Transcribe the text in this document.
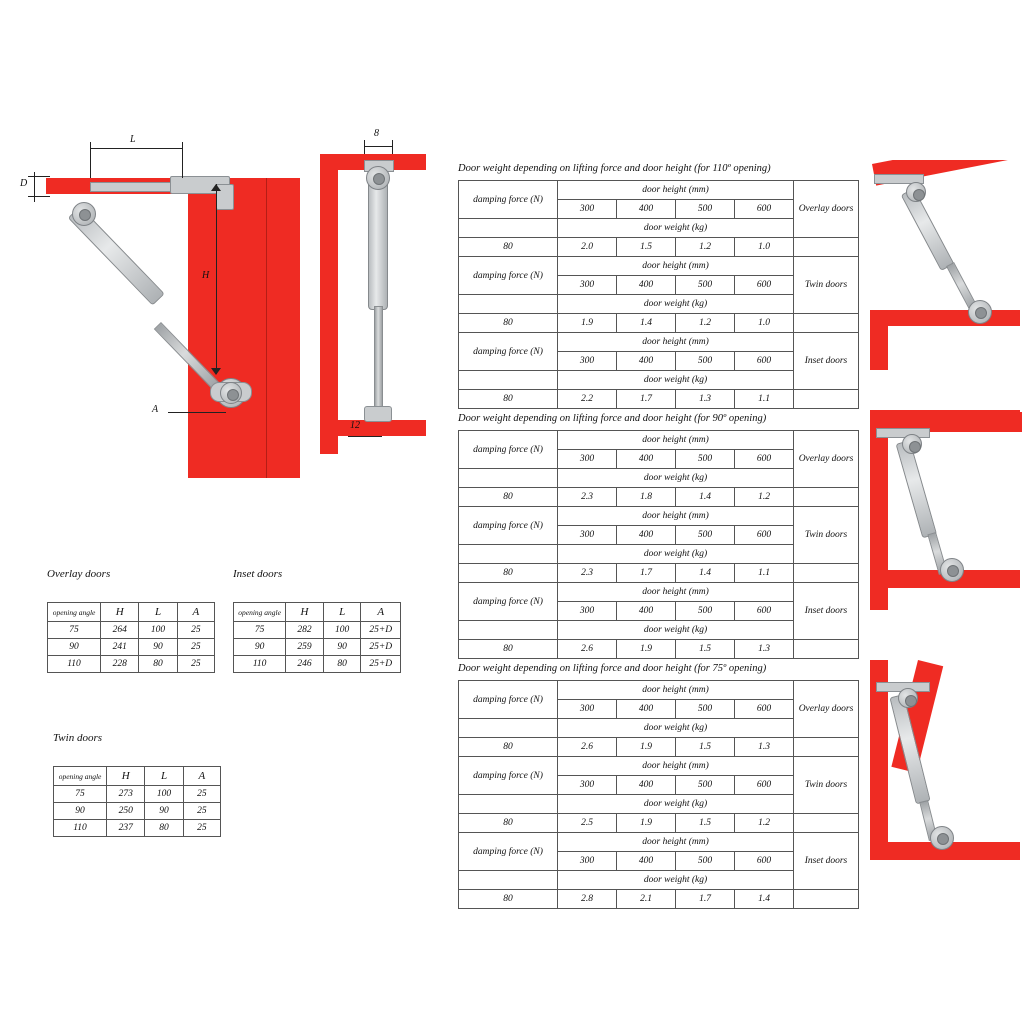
L
D
H
A
8
12
Overlay doors
opening angle	H	L	A
75	264	100	25
90	241	90	25
110	228	80	25
Inset doors
opening angle	H	L	A
75	282	100	25+D
90	259	90	25+D
110	246	80	25+D
Twin doors
opening angle	H	L	A
75	273	100	25
90	250	90	25
110	237	80	25
Door weight depending on lifting force and door height (for 110º opening)
damping force (N)	door height (mm)				Overlay doors
	300	400	500	600	
	door weight (kg)				
80	2.0	1.5	1.2	1.0	
damping force (N)	door height (mm)				Twin doors
	300	400	500	600	
	door weight (kg)				
80	1.9	1.4	1.2	1.0	
damping force (N)	door height (mm)				Inset doors
	300	400	500	600	
	door weight (kg)				
80	2.2	1.7	1.3	1.1	
Door weight depending on lifting force and door height (for 90º opening)
damping force (N)	door height (mm)				Overlay doors
	300	400	500	600	
	door weight (kg)				
80	2.3	1.8	1.4	1.2	
damping force (N)	door height (mm)				Twin doors
	300	400	500	600	
	door weight (kg)				
80	2.3	1.7	1.4	1.1	
damping force (N)	door height (mm)				Inset doors
	300	400	500	600	
	door weight (kg)				
80	2.6	1.9	1.5	1.3	
Door weight depending on lifting force and door height (for 75º opening)
damping force (N)	door height (mm)				Overlay doors
	300	400	500	600	
	door weight (kg)				
80	2.6	1.9	1.5	1.3	
damping force (N)	door height (mm)				Twin doors
	300	400	500	600	
	door weight (kg)				
80	2.5	1.9	1.5	1.2	
damping force (N)	door height (mm)				Inset doors
	300	400	500	600	
	door weight (kg)				
80	2.8	2.1	1.7	1.4	
